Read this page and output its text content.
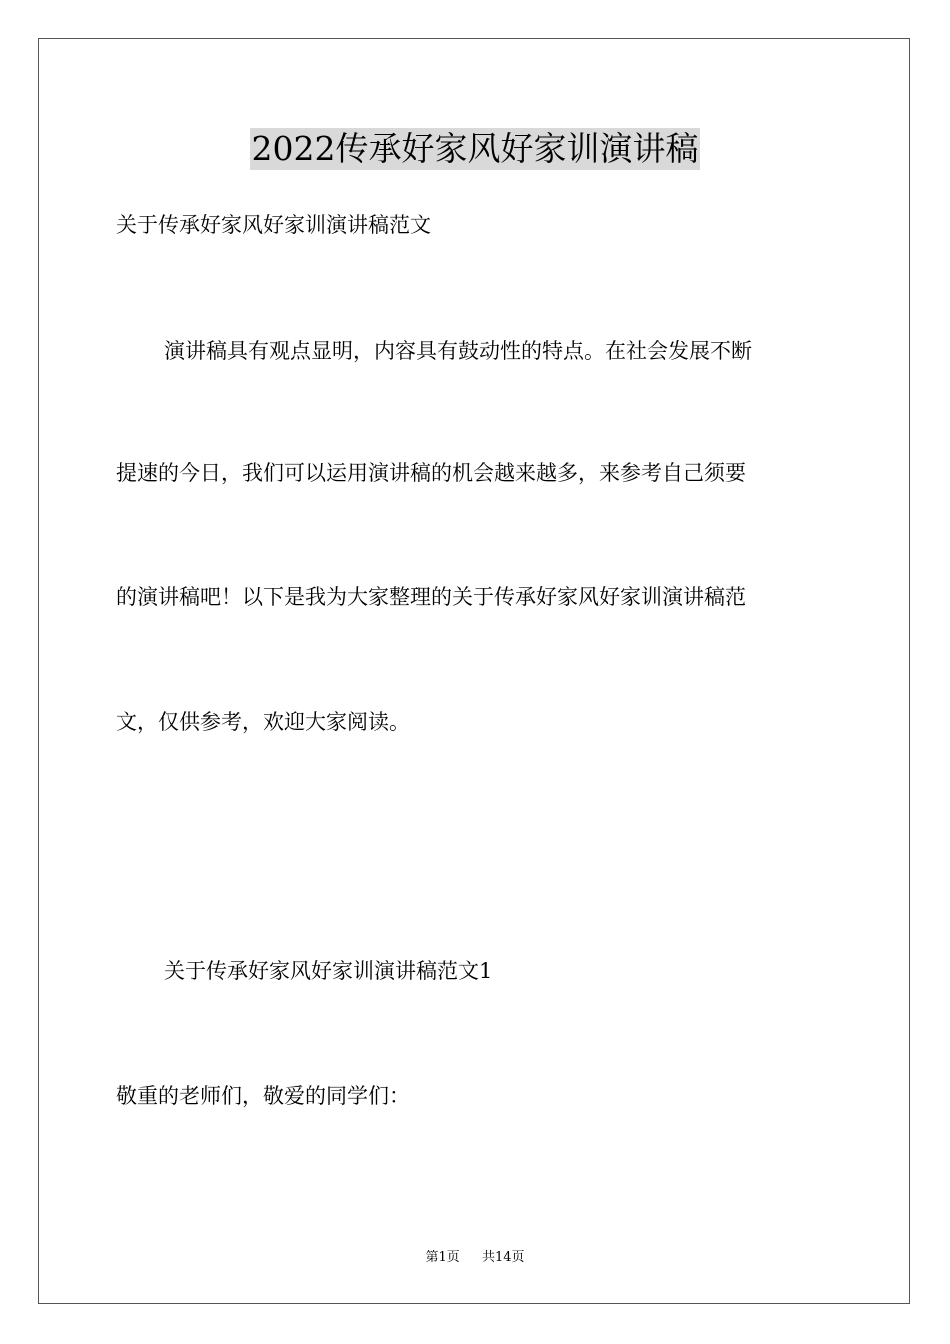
2022传承好家风好家训演讲稿
关于传承好家风好家训演讲稿范文
演讲稿具有观点显明，内容具有鼓动性的特点。在社会发展不断
提速的今日，我们可以运用演讲稿的机会越来越多，来参考自己须要
的演讲稿吧！以下是我为大家整理的关于传承好家风好家训演讲稿范
文，仅供参考，欢迎大家阅读。
关于传承好家风好家训演讲稿范文1
敬重的老师们，敬爱的同学们：
第1页 共14页
